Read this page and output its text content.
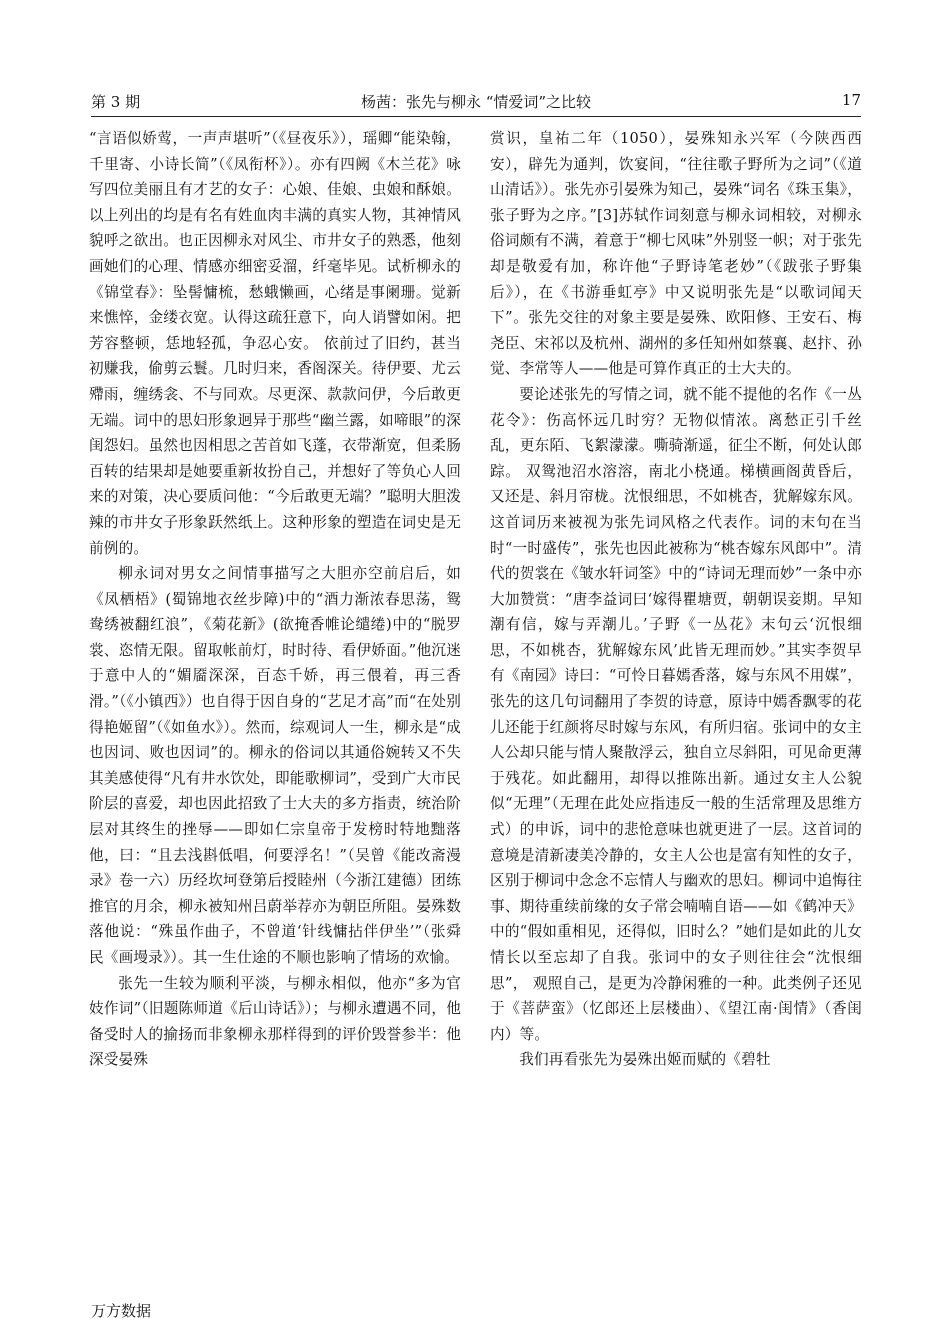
第 3 期	杨茜：张先与柳永 “情爱词”之比较	17

“言语似娇莺，一声声堪听”（《昼夜乐》），瑶卿“能染翰，千里寄、小诗长简”（《凤衔杯》）。亦有四阙《木兰花》咏写四位美丽且有才艺的女子：心娘、佳娘、虫娘和酥娘。以上列出的均是有名有姓血肉丰满的真实人物，其神情风貌呼之欲出。也正因柳永对风尘、市井女子的熟悉，他刻画她们的心理、情感亦细密妥溜，纤毫毕见。试析柳永的《锦堂春》：坠髻慵梳，愁蛾懒画，心绪是事阑珊。觉新来憔悴，金缕衣宽。认得这疏狂意下，向人诮譬如闲。把芳容整顿，恁地轻孤，争忍心安。 依前过了旧约，甚当初赚我，偷剪云鬟。几时归来，香阁深关。待伊要、尤云殢雨，缠绣衾、不与同欢。尽更深、款款问伊，今后敢更无端。词中的思妇形象迥异于那些“幽兰露，如啼眼”的深闺怨妇。虽然也因相思之苦首如飞蓬，衣带渐宽，但柔肠百转的结果却是她要重新妆扮自己，并想好了等负心人回来的对策，决心要质问他：“今后敢更无端？”聪明大胆泼辣的市井女子形象跃然纸上。这种形象的塑造在词史是无前例的。

柳永词对男女之间情事描写之大胆亦空前启后，如《凤栖梧》(蜀锦地衣丝步障)中的“酒力渐浓春思荡，鸳鸯绣被翻红浪”，《菊花新》(欲掩香帷论缱绻)中的“脱罗裳、恣情无限。留取帐前灯，时时待、看伊娇面。”他沉迷于意中人的“媚靥深深，百态千娇，再三偎着，再三香滑。”（《小镇西》）也自得于因自身的“艺足才高”而“在处别得艳姬留”（《如鱼水》）。然而，综观词人一生，柳永是“成也因词、败也因词”的。柳永的俗词以其通俗婉转又不失其美感使得“凡有井水饮处，即能歌柳词”，受到广大市民阶层的喜爱，却也因此招致了士大夫的多方指责，统治阶层对其终生的挫辱——即如仁宗皇帝于发榜时特地黜落他，曰：“且去浅斟低唱，何要浮名！”（吴曾《能改斋漫录》卷一六）历经坎坷登第后授睦州（今浙江建德）团练推官的月余，柳永被知州吕蔚举荐亦为朝臣所阻。晏殊数落他说：“殊虽作曲子，不曾道‘针线慵拈伴伊坐’”（张舜民《画墁录》）。其一生仕途的不顺也影响了情场的欢愉。

张先一生较为顺利平淡，与柳永相似，他亦“多为官妓作词”（旧题陈师道《后山诗话》）；与柳永遭遇不同，他备受时人的揄扬而非象柳永那样得到的评价毁誉参半：他深受晏殊

赏识，皇祐二年（1050），晏殊知永兴军（今陕西西安），辟先为通判，饮宴间，“往往歌子野所为之词”（《道山清话》）。张先亦引晏殊为知己，晏殊“词名《珠玉集》，张子野为之序。”[3]苏轼作词刻意与柳永词相较，对柳永俗词颇有不满，着意于“柳七风味”外别竖一帜；对于张先却是敬爱有加，称许他“子野诗笔老妙”（《跋张子野集后》），在《书游垂虹亭》中又说明张先是“以歌词闻天下”。张先交往的对象主要是晏殊、欧阳修、王安石、梅尧臣、宋祁以及杭州、湖州的多任知州如蔡襄、赵抃、孙觉、李常等人——他是可算作真正的士大夫的。

要论述张先的写情之词，就不能不提他的名作《一丛花令》：伤高怀远几时穷？无物似情浓。离愁正引千丝乱，更东陌、飞絮濛濛。嘶骑渐遥，征尘不断，何处认郎踪。 双鸳池沼水溶溶，南北小桡通。梯横画阁黄昏后，又还是、斜月帘栊。沈恨细思，不如桃杏，犹解嫁东风。这首词历来被视为张先词风格之代表作。词的末句在当时“一时盛传”，张先也因此被称为“桃杏嫁东风郎中”。清代的贺裳在《皱水轩词筌》中的“诗词无理而妙”一条中亦大加赞赏：“唐李益词曰‘嫁得瞿塘贾，朝朝误妾期。早知潮有信，嫁与弄潮儿。’子野《一丛花》末句云‘沉恨细思，不如桃杏，犹解嫁东风’此皆无理而妙。”其实李贺早有《南园》诗曰：“可怜日暮嫣香落，嫁与东风不用媒”，张先的这几句词翻用了李贺的诗意，原诗中嫣香飘零的花儿还能于红颜将尽时嫁与东风，有所归宿。张词中的女主人公却只能与情人聚散浮云，独自立尽斜阳，可见命更薄于残花。如此翻用，却得以推陈出新。通过女主人公貌似“无理”（无理在此处应指违反一般的生活常理及思维方式）的申诉，词中的悲怆意味也就更进了一层。这首词的意境是清新凄美冷静的，女主人公也是富有知性的女子，区别于柳词中念念不忘情人与幽欢的思妇。柳词中追悔往事、期待重续前缘的女子常会喃喃自语——如《鹤冲天》中的“假如重相见，还得似，旧时么？”她们是如此的儿女情长以至忘却了自我。张词中的女子则往往会“沈恨细思”， 观照自己，是更为冷静闲雅的一种。此类例子还见于《菩萨蛮》（忆郎还上层楼曲）、《望江南·闺情》（香闺内）等。

我们再看张先为晏殊出姬而赋的《碧牡

万方数据
